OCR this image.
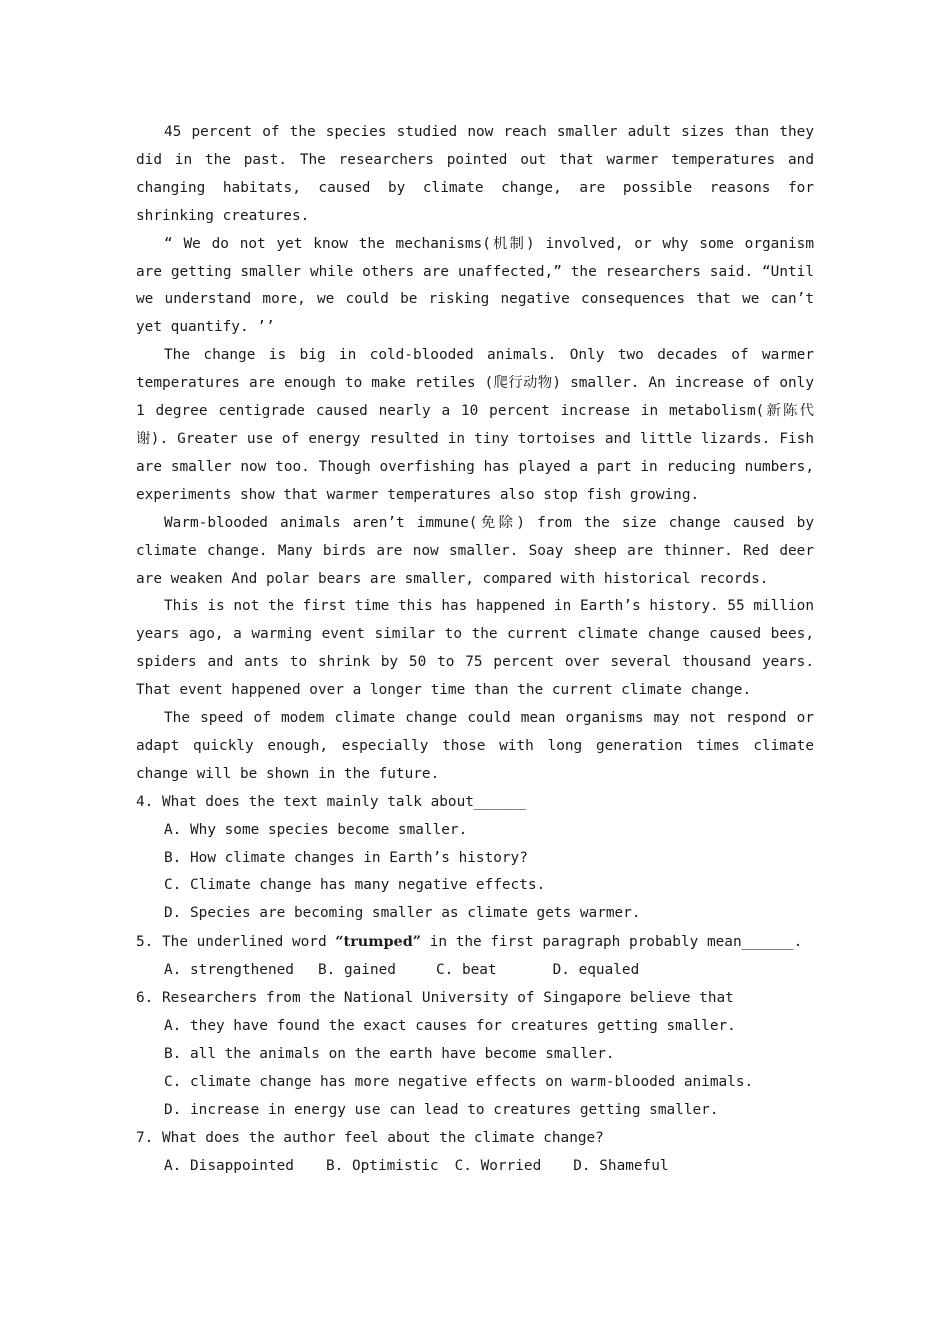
45 percent of the species studied now reach smaller adult sizes than they did in the past. The researchers pointed out that warmer temperatures and changing habitats, caused by climate change, are possible reasons for shrinking creatures.

“ We do not yet know the mechanisms(机制) involved, or why some organism are getting smaller while others are unaffected,” the researchers said. “Until we understand more, we could be risking negative consequences that we can’t yet quantify. ’’

The change is big in cold-blooded animals. Only two decades of warmer temperatures are enough to make retiles (爬行动物) smaller. An increase of only 1 degree centigrade caused nearly a 10 percent increase in metabolism(新陈代谢). Greater use of energy resulted in tiny tortoises and little lizards. Fish are smaller now too. Though overfishing has played a part in reducing numbers, experiments show that warmer temperatures also stop fish growing.

Warm-blooded animals aren’t immune(免除) from the size change caused by climate change. Many birds are now smaller. Soay sheep are thinner. Red deer are weaken And polar bears are smaller, compared with historical records.

This is not the first time this has happened in Earth’s history. 55 million years ago, a warming event similar to the current climate change caused bees, spiders and ants to shrink by 50 to 75 percent over several thousand years. That event happened over a longer time than the current climate change.

The speed of modem climate change could mean organisms may not respond or adapt quickly enough, especially those with long generation times climate change will be shown in the future.

4. What does the text mainly talk about______

A. Why some species become smaller.

B. How climate changes in Earth’s history?

C. Climate change has many negative effects.

D. Species are becoming smaller as climate gets warmer.

5. The underlined word “trumped” in the first paragraph probably mean______.

A. strengthened B. gained	C. beat	D. equaled

6. Researchers from the National University of Singapore believe that

A. they have found the exact causes for creatures getting smaller.

B. all the animals on the earth have become smaller.

C. climate change has more negative effects on warm-blooded animals.

D. increase in energy use can lead to creatures getting smaller.

7. What does the author feel about the climate change?

A. Disappointed B. Optimistic C. Worried D. Shameful
